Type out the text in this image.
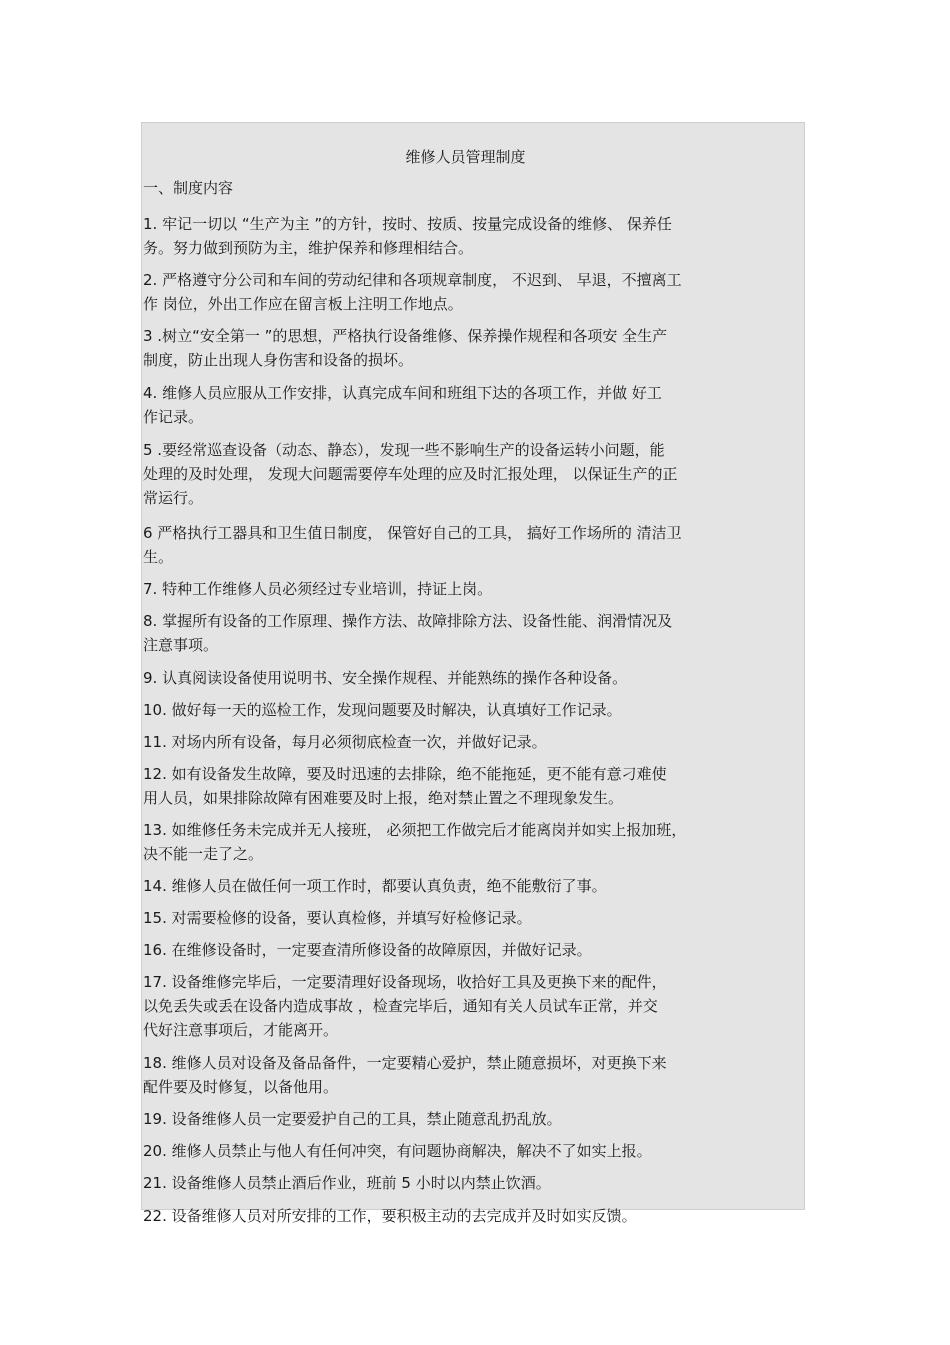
维修人员管理制度
一、制度内容

1. 牢记一切以 “生产为主 ”的方针，按时、按质、按量完成设备的维修、 保养任
务。努力做到预防为主，维护保养和修理相结合。

2. 严格遵守分公司和车间的劳动纪律和各项规章制度， 不迟到、 早退，不擅离工
作 岗位，外出工作应在留言板上注明工作地点。

3 .树立“安全第一 ”的思想，严格执行设备维修、保养操作规程和各项安 全生产
制度，防止出现人身伤害和设备的损坏。

4. 维修人员应服从工作安排，认真完成车间和班组下达的各项工作，并做 好工
作记录。

5 .要经常巡查设备（动态、静态），发现一些不影响生产的设备运转小问题，能
处理的及时处理， 发现大问题需要停车处理的应及时汇报处理， 以保证生产的正
常运行。

6 严格执行工器具和卫生值日制度， 保管好自己的工具， 搞好工作场所的 清洁卫
生。

7. 特种工作维修人员必须经过专业培训，持证上岗。

8. 掌握所有设备的工作原理、操作方法、故障排除方法、设备性能、润滑情况及
注意事项。

9. 认真阅读设备使用说明书、安全操作规程、并能熟练的操作各种设备。

10. 做好每一天的巡检工作，发现问题要及时解决，认真填好工作记录。

11. 对场内所有设备，每月必须彻底检查一次，并做好记录。

12. 如有设备发生故障，要及时迅速的去排除，绝不能拖延，更不能有意刁难使
用人员，如果排除故障有困难要及时上报，绝对禁止置之不理现象发生。

13. 如维修任务未完成并无人接班， 必须把工作做完后才能离岗并如实上报加班，
决不能一走了之。

14. 维修人员在做任何一项工作时，都要认真负责，绝不能敷衍了事。

15. 对需要检修的设备，要认真检修，并填写好检修记录。

16. 在维修设备时，一定要查清所修设备的故障原因，并做好记录。

17. 设备维修完毕后，一定要清理好设备现场，收拾好工具及更换下来的配件，
以免丢失或丢在设备内造成事故 ，检查完毕后，通知有关人员试车正常，并交
代好注意事项后，才能离开。

18. 维修人员对设备及备品备件，一定要精心爱护，禁止随意损坏，对更换下来
配件要及时修复，以备他用。

19. 设备维修人员一定要爱护自己的工具，禁止随意乱扔乱放。

20. 维修人员禁止与他人有任何冲突，有问题协商解决，解决不了如实上报。

21. 设备维修人员禁止酒后作业，班前 5 小时以内禁止饮酒。

22. 设备维修人员对所安排的工作，要积极主动的去完成并及时如实反馈。
